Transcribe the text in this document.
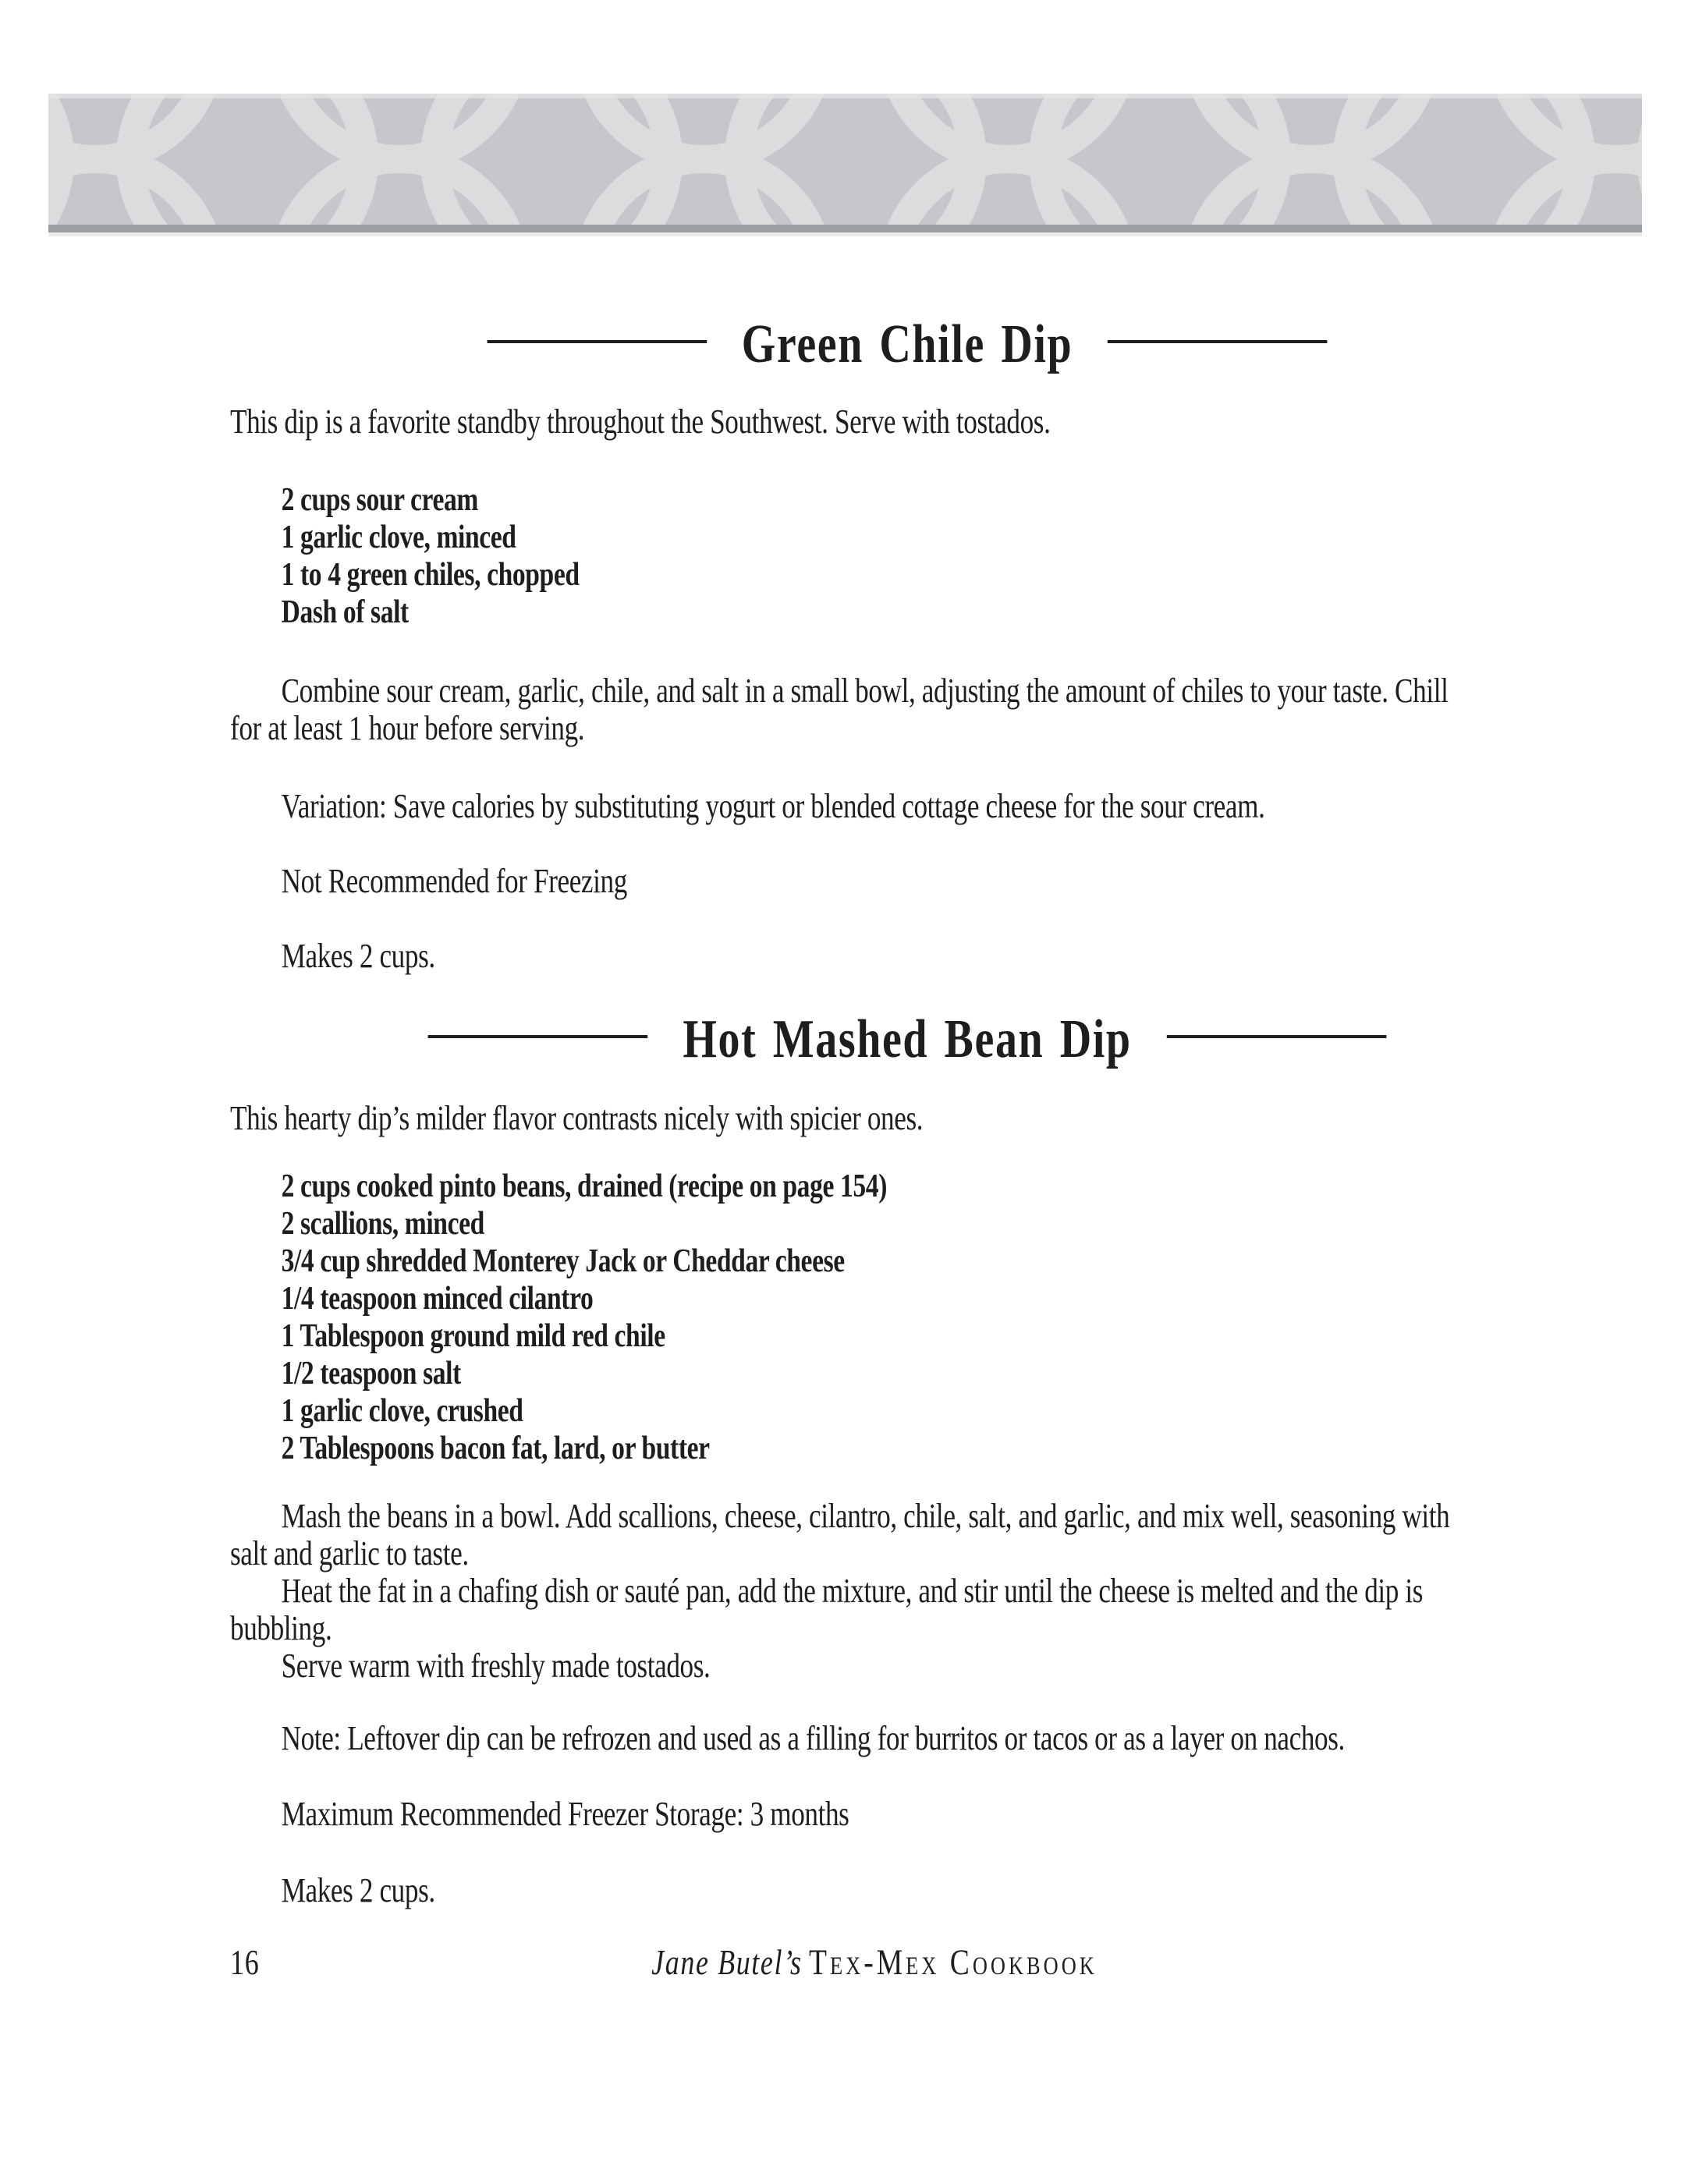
Green Chile Dip

This dip is a favorite standby throughout the Southwest. Serve with tostados.

2 cups sour cream
1 garlic clove, minced
1 to 4 green chiles, chopped
Dash of salt

Combine sour cream, garlic, chile, and salt in a small bowl, adjusting the amount of chiles to your taste. Chill for at least 1 hour before serving.

Variation: Save calories by substituting yogurt or blended cottage cheese for the sour cream.

Not Recommended for Freezing

Makes 2 cups.

Hot Mashed Bean Dip

This hearty dip’s milder flavor contrasts nicely with spicier ones.

2 cups cooked pinto beans, drained (recipe on page 154)
2 scallions, minced
3/4 cup shredded Monterey Jack or Cheddar cheese
1/4 teaspoon minced cilantro
1 Tablespoon ground mild red chile
1/2 teaspoon salt
1 garlic clove, crushed
2 Tablespoons bacon fat, lard, or butter

Mash the beans in a bowl. Add scallions, cheese, cilantro, chile, salt, and garlic, and mix well, seasoning with salt and garlic to taste.

Heat the fat in a chafing dish or sauté pan, add the mixture, and stir until the cheese is melted and the dip is bubbling.

Serve warm with freshly made tostados.

Note: Leftover dip can be refrozen and used as a filling for burritos or tacos or as a layer on nachos.

Maximum Recommended Freezer Storage: 3 months

Makes 2 cups.

16	Jane Butel’s Tex-Mex Cookbook
